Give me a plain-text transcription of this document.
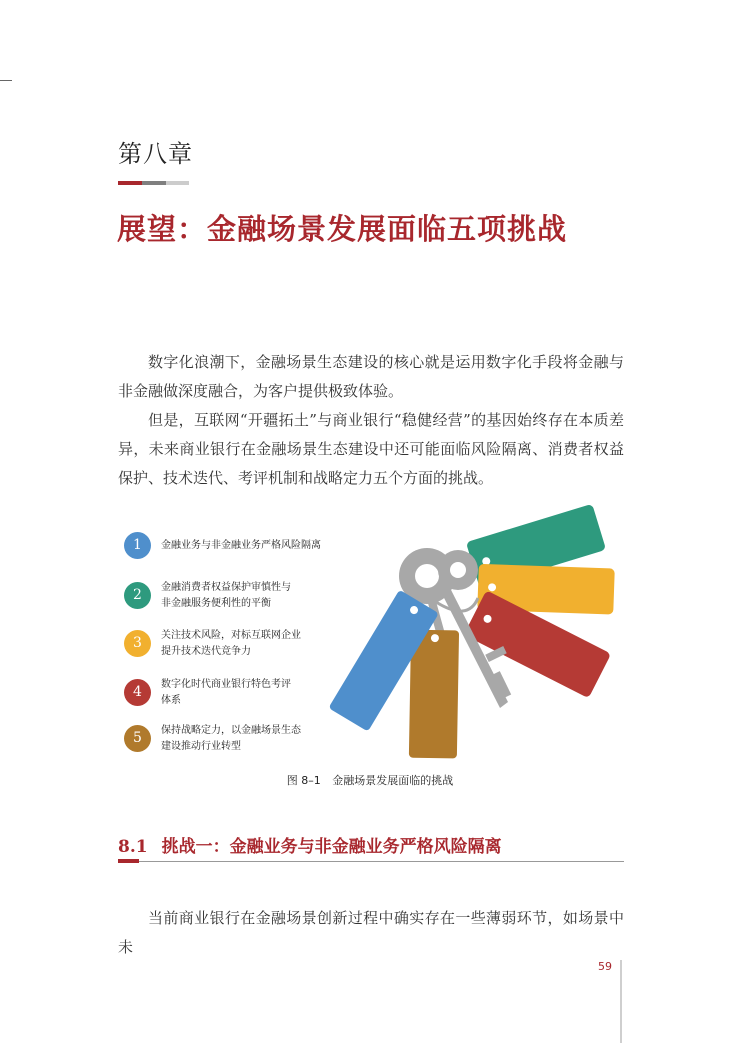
第八章
展望：金融场景发展面临五项挑战

数字化浪潮下，金融场景生态建设的核心就是运用数字化手段将金融与非金融做深度融合，为客户提供极致体验。

但是，互联网“开疆拓土”与商业银行“稳健经营”的基因始终存在本质差异，未来商业银行在金融场景生态建设中还可能面临风险隔离、消费者权益保护、技术迭代、考评机制和战略定力五个方面的挑战。

1	金融业务与非金融业务严格风险隔离
2	金融消费者权益保护审慎性与
非金融服务便利性的平衡
3	关注技术风险，对标互联网企业
提升技术迭代竞争力
4	数字化时代商业银行特色考评
体系
5	保持战略定力，以金融场景生态
建设推动行业转型
图 8–1 金融场景发展面临的挑战
8.1 挑战一：金融业务与非金融业务严格风险隔离

当前商业银行在金融场景创新过程中确实存在一些薄弱环节，如场景中未

59
